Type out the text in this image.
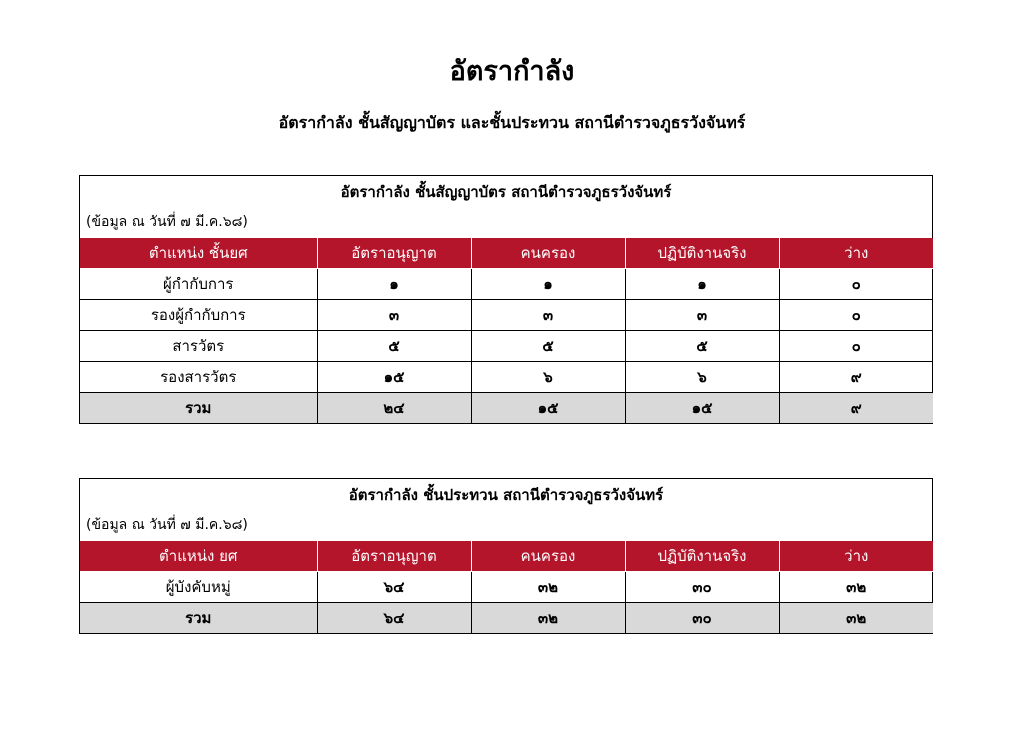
อัตรากำลัง
อัตรากำลัง ชั้นสัญญาบัตร และชั้นประทวน สถานีตำรวจภูธรวังจันทร์
อัตรากำลัง ชั้นสัญญาบัตร สถานีตำรวจภูธรวังจันทร์
(ข้อมูล ณ วันที่ ๗ มี.ค.๖๘)
ตำแหน่ง ชั้นยศ	อัตราอนุญาต	คนครอง	ปฏิบัติงานจริง	ว่าง
ผู้กำกับการ	๑	๑	๑	๐
รองผู้กำกับการ	๓	๓	๓	๐
สารวัตร	๕	๕	๕	๐
รองสารวัตร	๑๕	๖	๖	๙
รวม	๒๔	๑๕	๑๕	๙
อัตรากำลัง ชั้นประทวน สถานีตำรวจภูธรวังจันทร์
(ข้อมูล ณ วันที่ ๗ มี.ค.๖๘)
ตำแหน่ง ยศ	อัตราอนุญาต	คนครอง	ปฏิบัติงานจริง	ว่าง
ผู้บังคับหมู่	๖๔	๓๒	๓๐	๓๒
รวม	๖๔	๓๒	๓๐	๓๒
